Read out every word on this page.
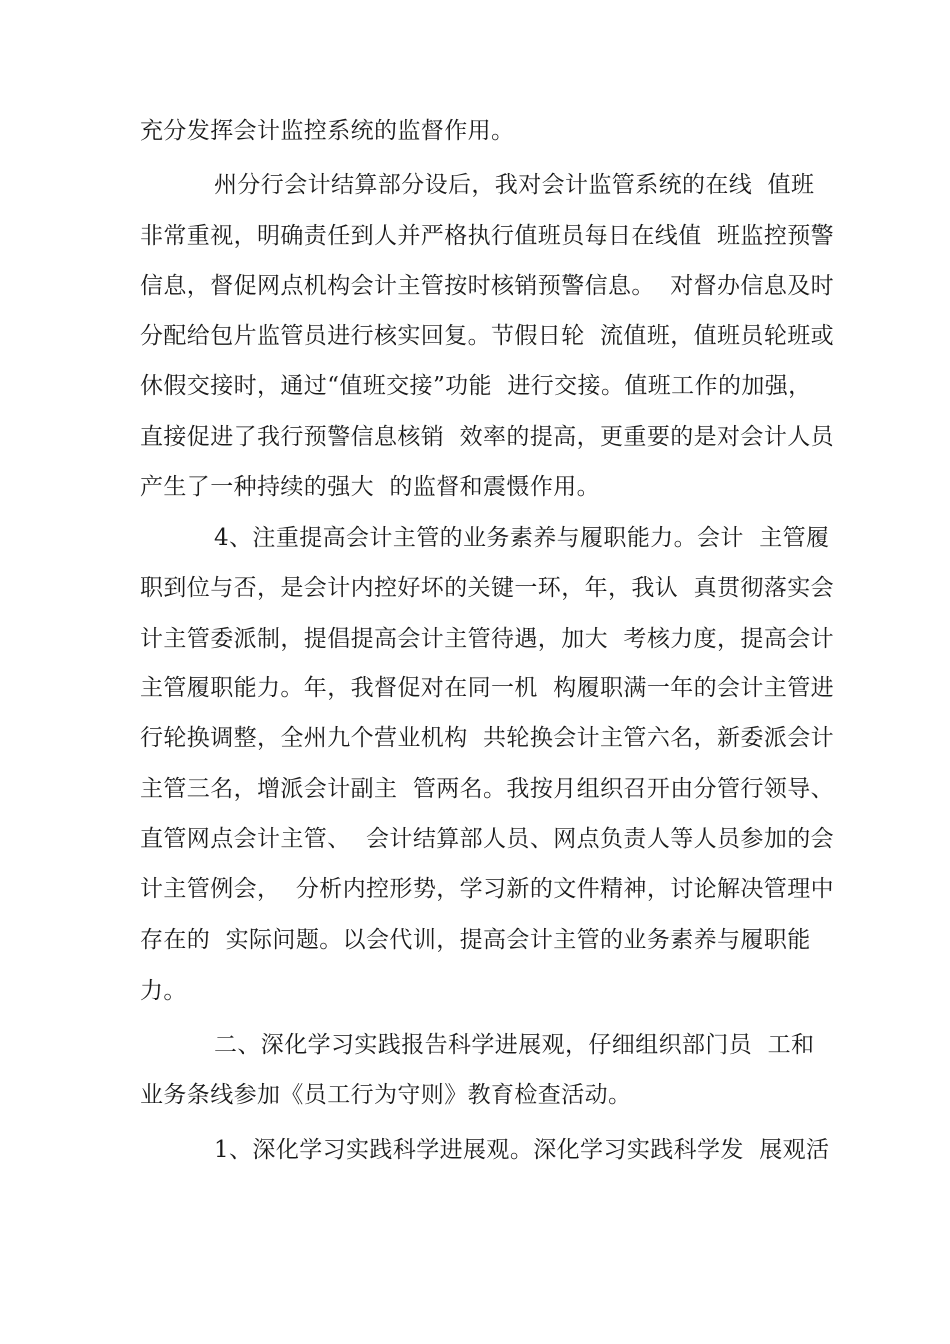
充分发挥会计监控系统的监督作用。
州分行会计结算部分设后，我对会计监管系统的在线  值班
非常重视，明确责任到人并严格执行值班员每日在线值  班监控预警
信息，督促网点机构会计主管按时核销预警信息。  对督办信息及时
分配给包片监管员进行核实回复。节假日轮  流值班，值班员轮班或
休假交接时，通过“值班交接”功能  进行交接。值班工作的加强，
直接促进了我行预警信息核销  效率的提高，更重要的是对会计人员
产生了一种持续的强大  的监督和震慑作用。
4、注重提高会计主管的业务素养与履职能力。会计  主管履
职到位与否，是会计内控好坏的关键一环，年，我认  真贯彻落实会
计主管委派制，提倡提高会计主管待遇，加大  考核力度，提高会计
主管履职能力。年，我督促对在同一机  构履职满一年的会计主管进
行轮换调整，全州九个营业机构  共轮换会计主管六名，新委派会计
主管三名，增派会计副主  管两名。我按月组织召开由分管行领导、
直管网点会计主管、  会计结算部人员、网点负责人等人员参加的会
计主管例会，  分析内控形势，学习新的文件精神，讨论解决管理中
存在的  实际问题。以会代训，提高会计主管的业务素养与履职能
力。
二、深化学习实践报告科学进展观，仔细组织部门员  工和
业务条线参加《员工行为守则》教育检查活动。
1、深化学习实践科学进展观。深化学习实践科学发  展观活
